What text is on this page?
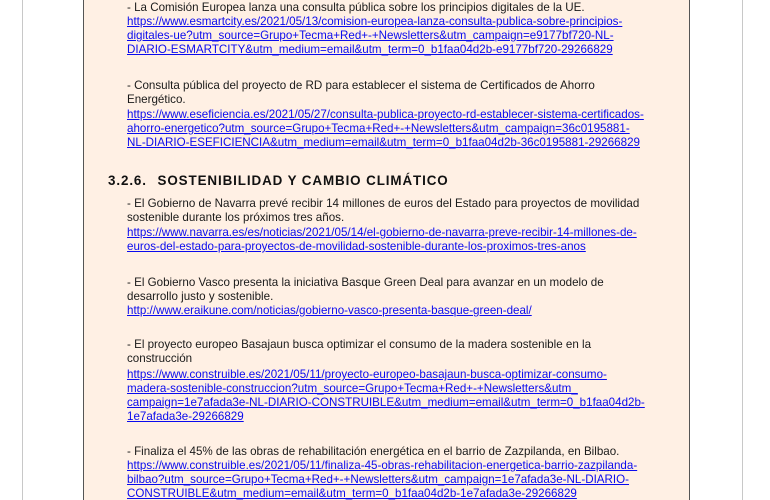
- La Comisión Europea lanza una consulta pública sobre los principios digitales de la UE.
https://www.esmartcity.es/2021/05/13/comision-europea-lanza-consulta-publica-sobre-principios-
digitales-ue?utm_source=Grupo+Tecma+Red+-+Newsletters&utm_campaign=e9177bf720-NL-
DIARIO-ESMARTCITY&utm_medium=email&utm_term=0_b1faa04d2b-e9177bf720-29266829
- Consulta pública del proyecto de RD para establecer el sistema de Certificados de Ahorro
Energético.
https://www.eseficiencia.es/2021/05/27/consulta-publica-proyecto-rd-establecer-sistema-certificados-
ahorro-energetico?utm_source=Grupo+Tecma+Red+-+Newsletters&utm_campaign=36c0195881-
NL-DIARIO-ESEFICIENCIA&utm_medium=email&utm_term=0_b1faa04d2b-36c0195881-29266829
3.2.6. SOSTENIBILIDAD Y CAMBIO CLIMÁTICO
- El Gobierno de Navarra prevé recibir 14 millones de euros del Estado para proyectos de movilidad
sostenible durante los próximos tres años.
https://www.navarra.es/es/noticias/2021/05/14/el-gobierno-de-navarra-preve-recibir-14-millones-de-
euros-del-estado-para-proyectos-de-movilidad-sostenible-durante-los-proximos-tres-anos
- El Gobierno Vasco presenta la iniciativa Basque Green Deal para avanzar en un modelo de
desarrollo justo y sostenible.
http://www.eraikune.com/noticias/gobierno-vasco-presenta-basque-green-deal/
- El proyecto europeo Basajaun busca optimizar el consumo de la madera sostenible en la
construcción
https://www.construible.es/2021/05/11/proyecto-europeo-basajaun-busca-optimizar-consumo-
madera-sostenible-construccion?utm_source=Grupo+Tecma+Red+-+Newsletters&utm_
campaign=1e7afada3e-NL-DIARIO-CONSTRUIBLE&utm_medium=email&utm_term=0_b1faa04d2b-
1e7afada3e-29266829
- Finaliza el 45% de las obras de rehabilitación energética en el barrio de Zazpilanda, en Bilbao.
https://www.construible.es/2021/05/11/finaliza-45-obras-rehabilitacion-energetica-barrio-zazpilanda-
bilbao?utm_source=Grupo+Tecma+Red+-+Newsletters&utm_campaign=1e7afada3e-NL-DIARIO-
CONSTRUIBLE&utm_medium=email&utm_term=0_b1faa04d2b-1e7afada3e-29266829
